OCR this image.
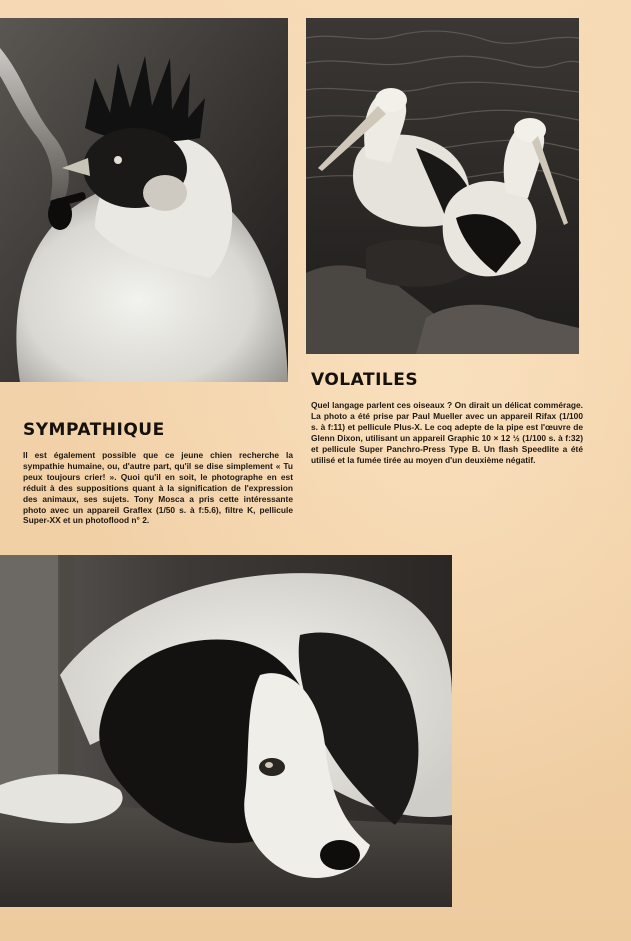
VOLATILES

Quel langage parlent ces oiseaux ? On dirait un délicat commérage. La photo a été prise par Paul Mueller avec un appareil Rifax (1/100 s. à f:11) et pellicule Plus-X. Le coq adepte de la pipe est l'œuvre de Glenn Dixon, utilisant un appareil Graphic 10 × 12 ½ (1/100 s. à f:32) et pellicule Super Panchro-Press Type B. Un flash Speedlite a été utilisé et la fumée tirée au moyen d'un deuxième négatif.

SYMPATHIQUE

Il est également possible que ce jeune chien recherche la sympathie humaine, ou, d'autre part, qu'il se dise simplement « Tu peux toujours crier! ». Quoi qu'il en soit, le photographe en est réduit à des suppositions quant à la signification de l'expression des animaux, ses sujets. Tony Mosca a pris cette intéressante photo avec un appareil Graflex (1/50 s. à f:5.6), filtre K, pellicule Super-XX et un photoflood n° 2.
